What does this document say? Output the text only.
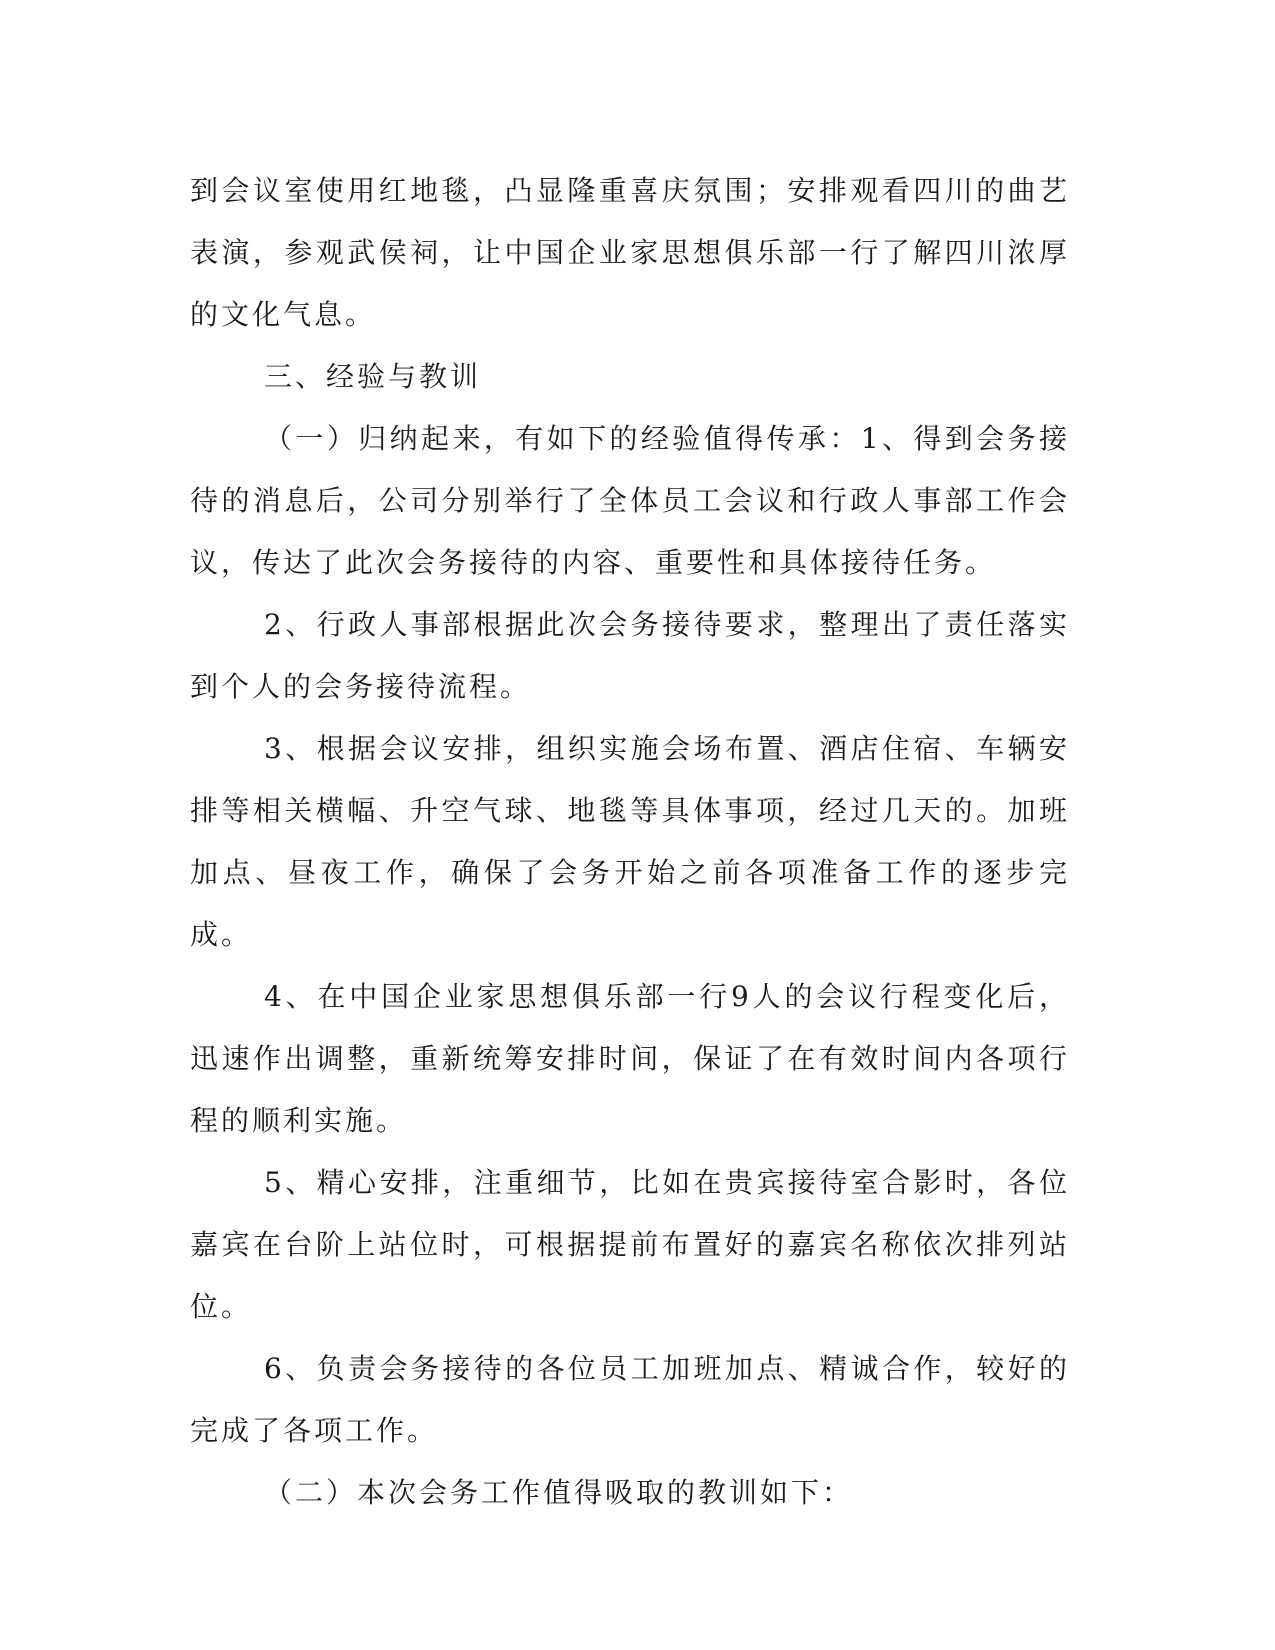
到会议室使用红地毯，凸显隆重喜庆氛围；安排观看四川的曲艺表演，参观武侯祠，让中国企业家思想俱乐部一行了解四川浓厚的文化气息。

三、经验与教训

（一）归纳起来，有如下的经验值得传承：1、得到会务接待的消息后，公司分别举行了全体员工会议和行政人事部工作会议，传达了此次会务接待的内容、重要性和具体接待任务。

2、行政人事部根据此次会务接待要求，整理出了责任落实到个人的会务接待流程。

3、根据会议安排，组织实施会场布置、酒店住宿、车辆安排等相关横幅、升空气球、地毯等具体事项，经过几天的。加班加点、昼夜工作，确保了会务开始之前各项准备工作的逐步完成。

4、在中国企业家思想俱乐部一行9人的会议行程变化后，迅速作出调整，重新统筹安排时间，保证了在有效时间内各项行程的顺利实施。

5、精心安排，注重细节，比如在贵宾接待室合影时，各位嘉宾在台阶上站位时，可根据提前布置好的嘉宾名称依次排列站位。

6、负责会务接待的各位员工加班加点、精诚合作，较好的完成了各项工作。

（二）本次会务工作值得吸取的教训如下：
